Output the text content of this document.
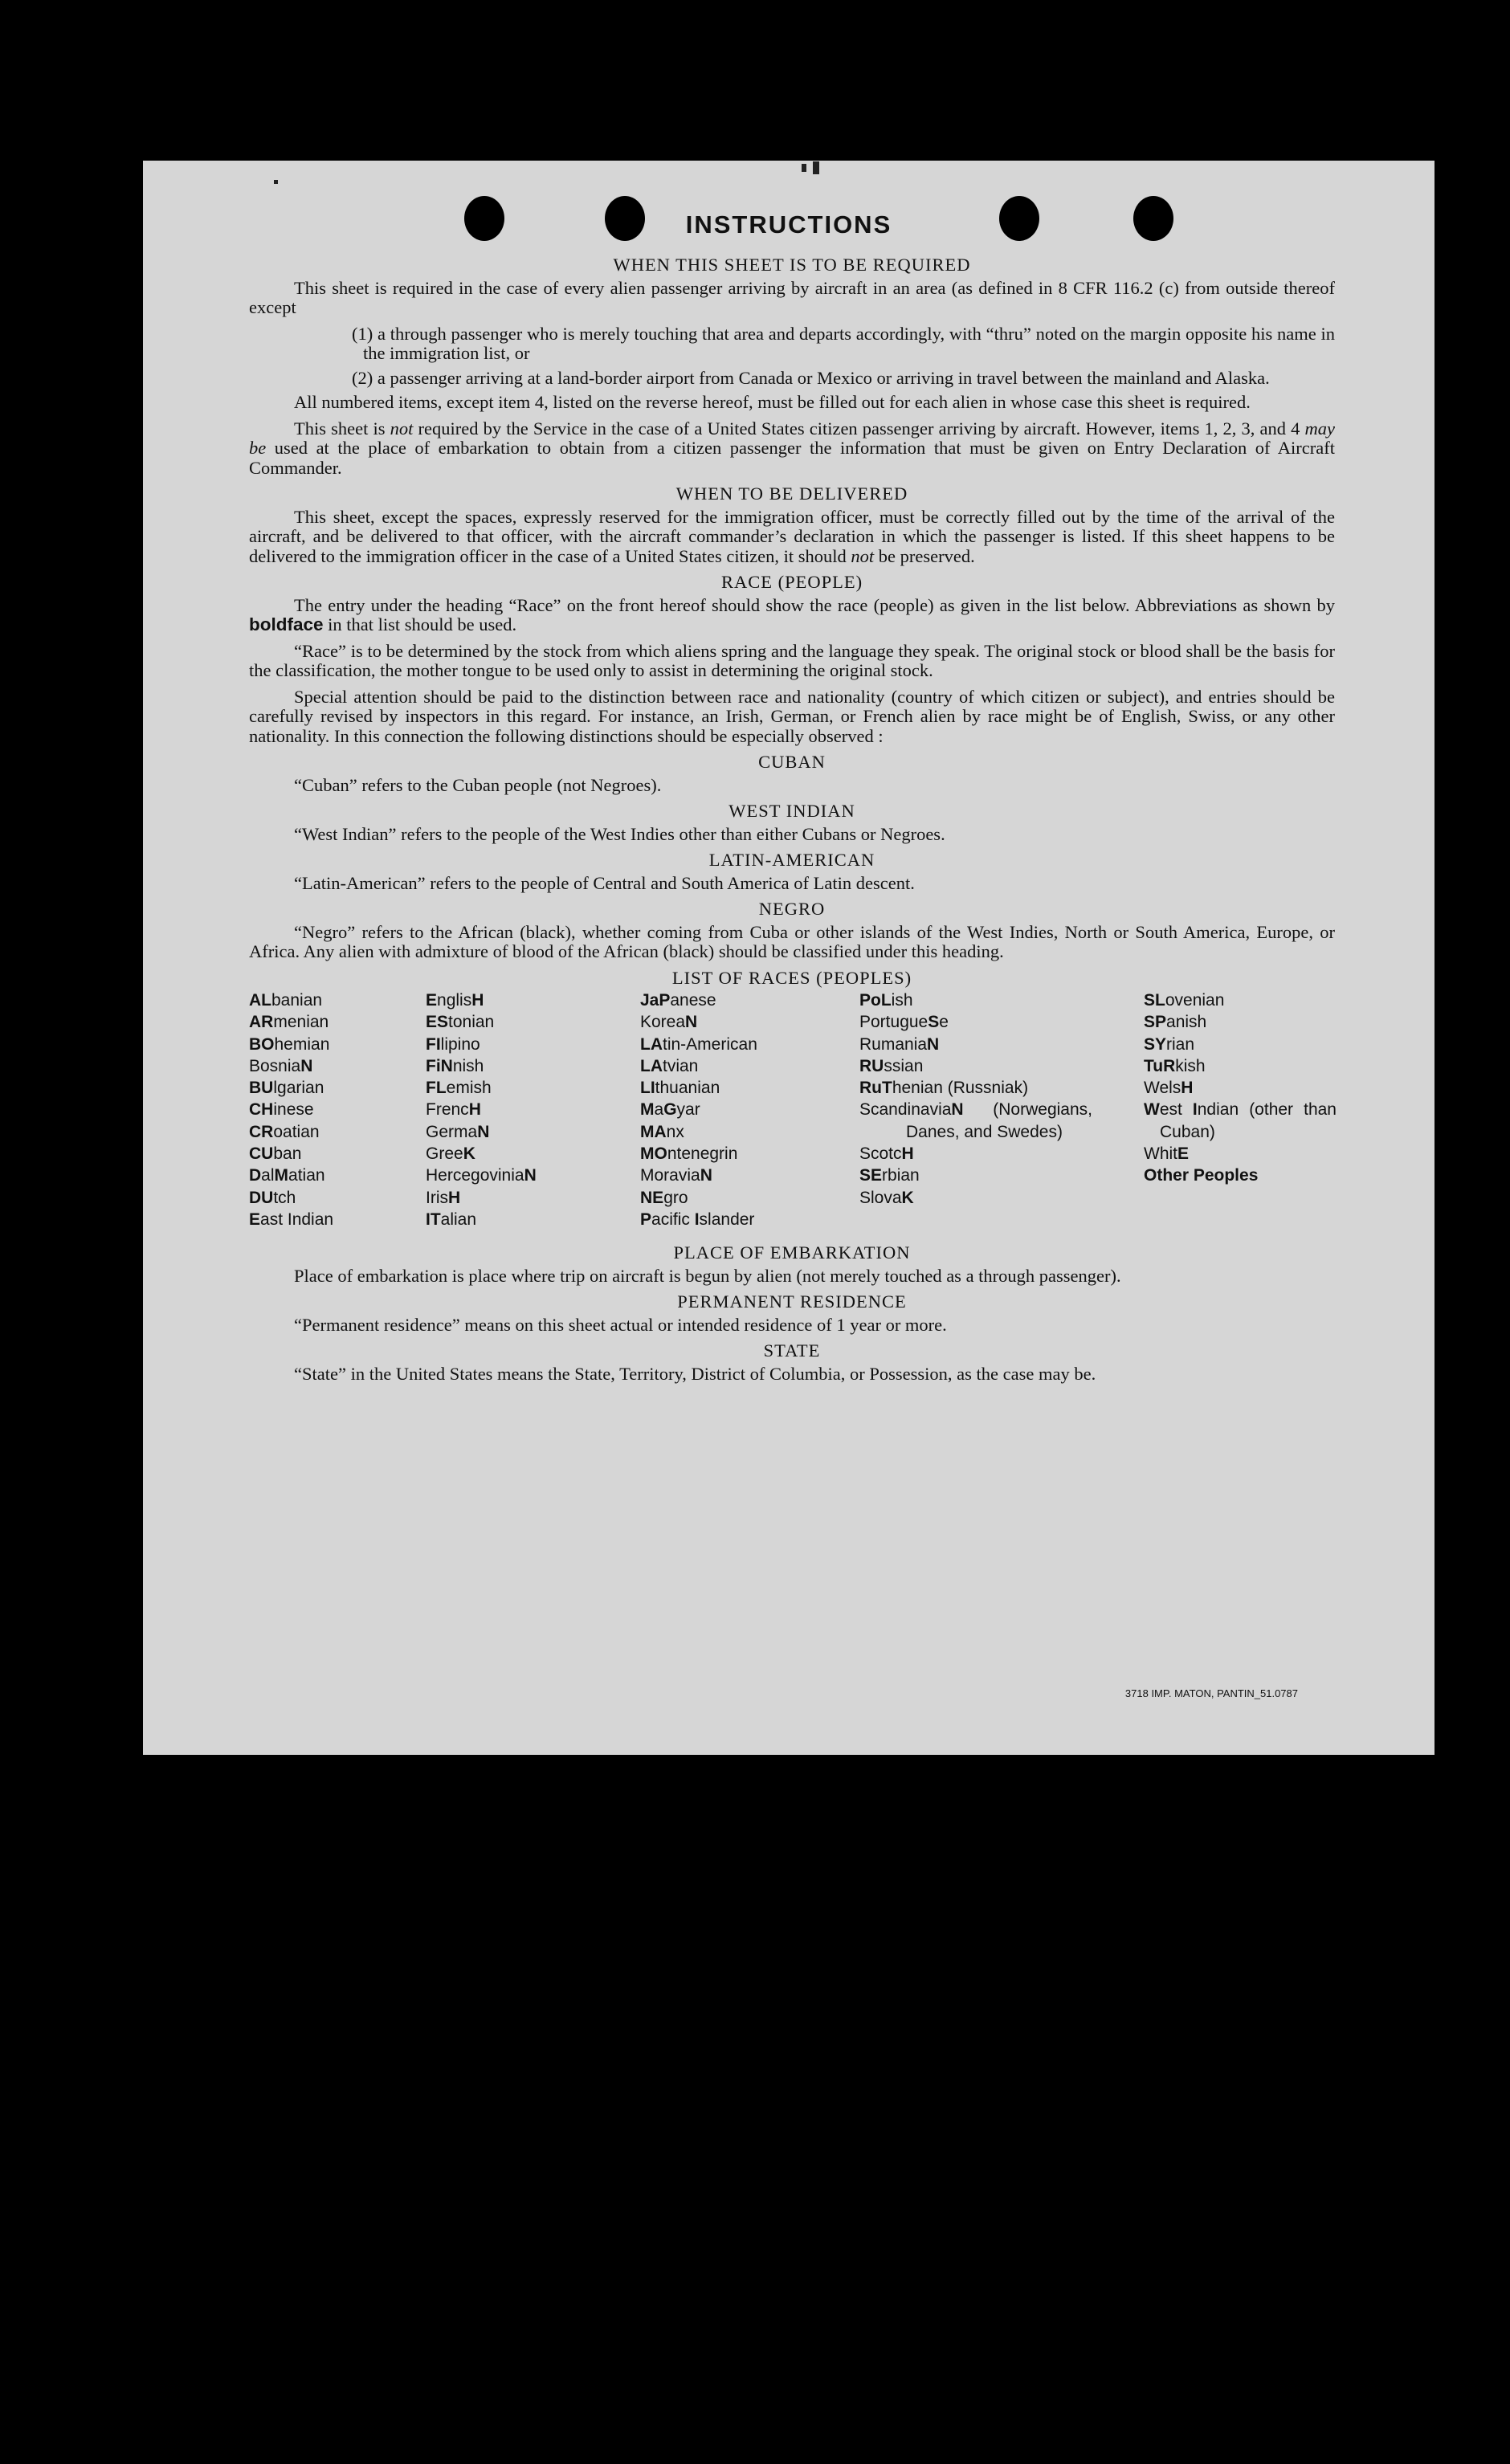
INSTRUCTIONS
WHEN THIS SHEET IS TO BE REQUIRED
This sheet is required in the case of every alien passenger arriving by aircraft in an area (as defined in 8 CFR 116.2 (c) from outside thereof except
(1) a through passenger who is merely touching that area and departs accordingly, with “thru” noted on the margin opposite his name in the immigration list, or
(2) a passenger arriving at a land-border airport from Canada or Mexico or arriving in travel between the mainland and Alaska.
All numbered items, except item 4, listed on the reverse hereof, must be filled out for each alien in whose case this sheet is required.
This sheet is not required by the Service in the case of a United States citizen passenger arriving by aircraft. However, items 1, 2, 3, and 4 may be used at the place of embarkation to obtain from a citizen passenger the information that must be given on Entry Declaration of Aircraft Commander.
WHEN TO BE DELIVERED
This sheet, except the spaces, expressly reserved for the immigration officer, must be correctly filled out by the time of the arrival of the aircraft, and be delivered to that officer, with the aircraft commander’s declaration in which the passenger is listed. If this sheet happens to be delivered to the immigration officer in the case of a United States citizen, it should not be preserved.
RACE (PEOPLE)
The entry under the heading “Race” on the front hereof should show the race (people) as given in the list below. Abbreviations as shown by boldface in that list should be used.
“Race” is to be determined by the stock from which aliens spring and the language they speak. The original stock or blood shall be the basis for the classification, the mother tongue to be used only to assist in determining the original stock.
Special attention should be paid to the distinction between race and nationality (country of which citizen or subject), and entries should be carefully revised by inspectors in this regard. For instance, an Irish, German, or French alien by race might be of English, Swiss, or any other nationality. In this connection the following distinctions should be especially observed :
CUBAN
“Cuban” refers to the Cuban people (not Negroes).
WEST INDIAN
“West Indian” refers to the people of the West Indies other than either Cubans or Negroes.
LATIN-AMERICAN
“Latin-American” refers to the people of Central and South America of Latin descent.
NEGRO
“Negro” refers to the African (black), whether coming from Cuba or other islands of the West Indies, North or South America, Europe, or Africa. Any alien with admixture of blood of the African (black) should be classified under this heading.
LIST OF RACES (PEOPLES)
ALbanian
ARmenian
BOhemian
BosniaN
BUlgarian
CHinese
CRoatian
CUban
DalMatian
DUtch
East Indian
EnglisH
EStonian
FIlipino
FiNnish
FLemish
FrencH
GermaN
GreeK
HercegoviniaN
IrisH
ITalian
JaPanese
KoreaN
LAtin-American
LAtvian
LIthuanian
MaGyar
MAnx
MOntenegrin
MoraviaN
NEgro
Pacific Islander
PoLish
PortugueSe
RumaniaN
RUssian
RuThenian (Russniak)
ScandinaviaN (Norwegians, Danes, and Swedes)
ScotcH
SErbian
SlovaK
SLovenian
SPanish
SYrian
TuRkish
WelsH
West Indian (other than Cuban)
WhitE
Other Peoples
PLACE OF EMBARKATION
Place of embarkation is place where trip on aircraft is begun by alien (not merely touched as a through passenger).
PERMANENT RESIDENCE
“Permanent residence” means on this sheet actual or intended residence of 1 year or more.
STATE
“State” in the United States means the State, Territory, District of Columbia, or Possession, as the case may be.
3718 IMP. MATON, PANTIN_51.0787
